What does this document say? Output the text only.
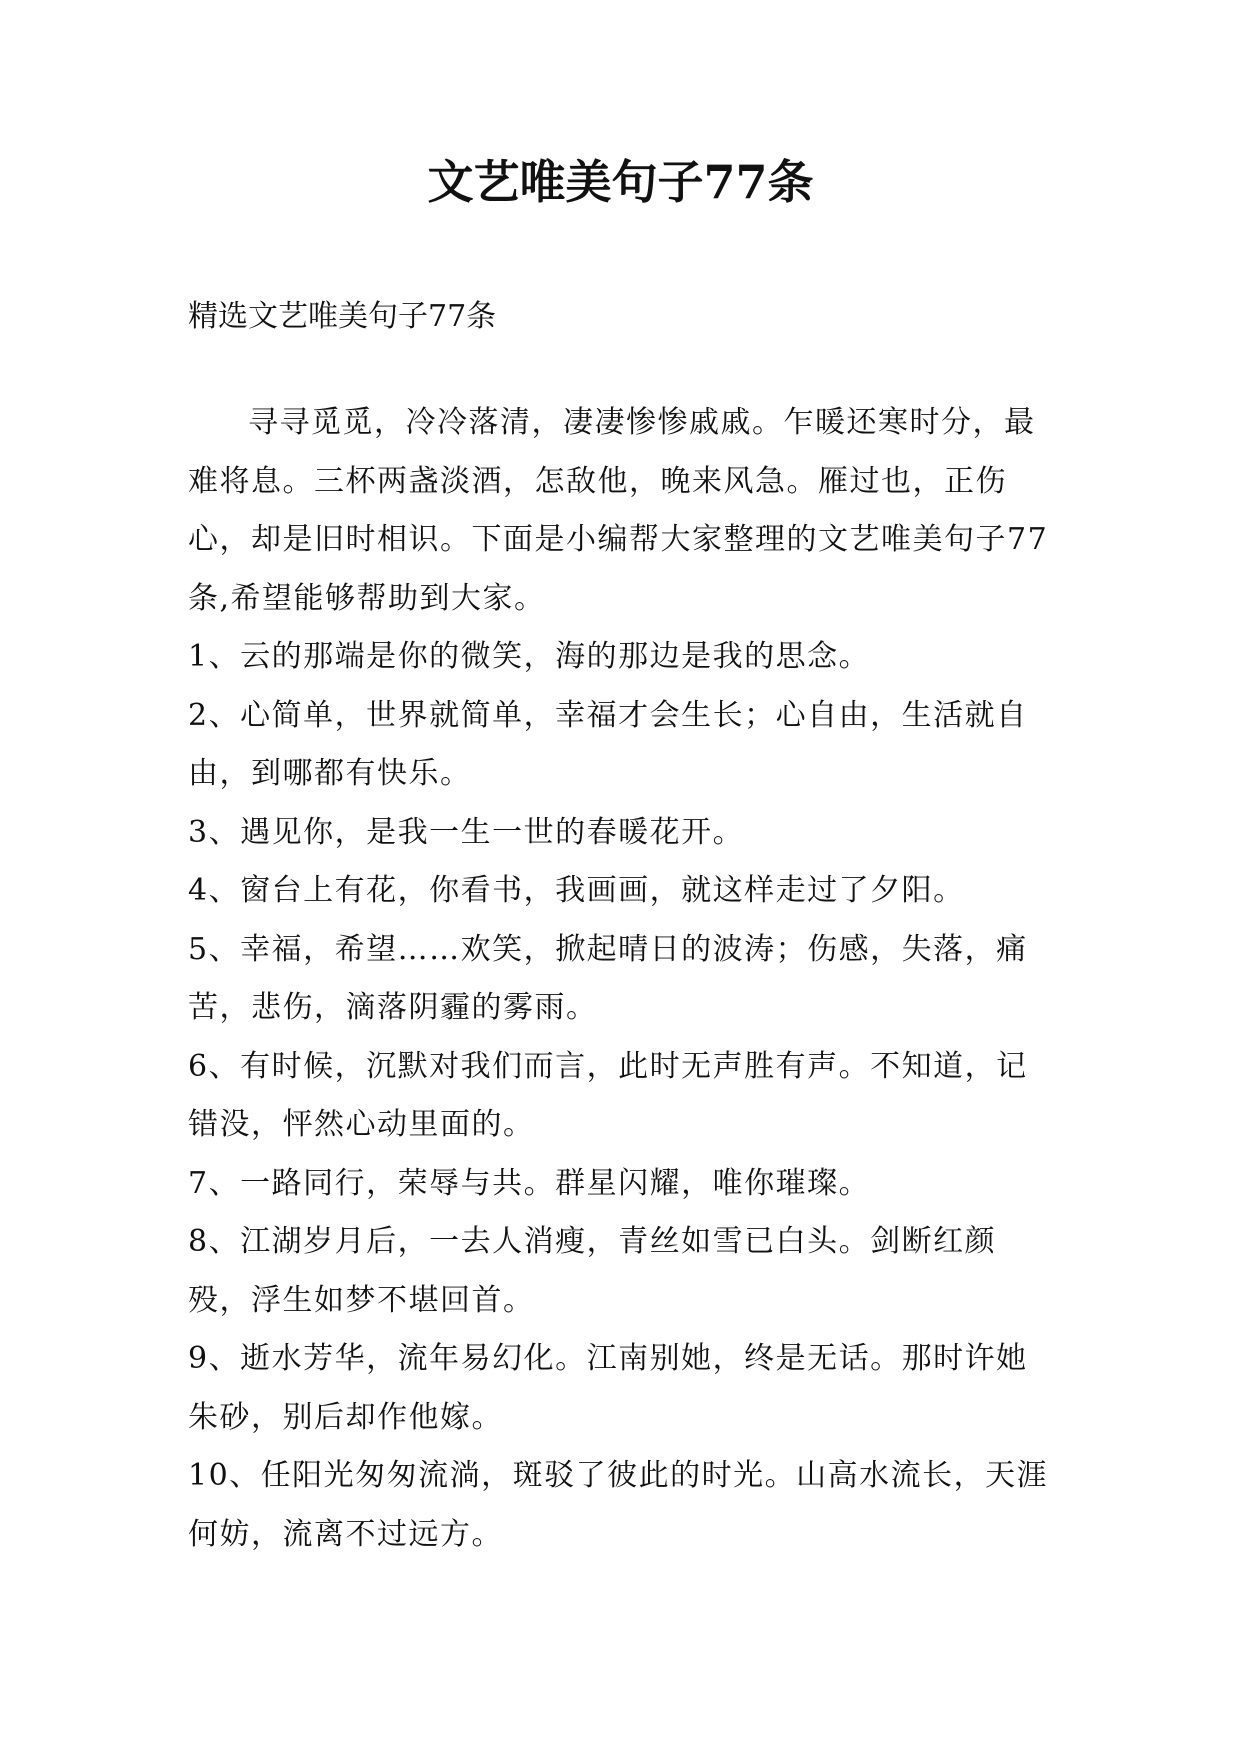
文艺唯美句子77条

精选文艺唯美句子77条

寻寻觅觅，冷冷落清，凄凄惨惨戚戚。乍暖还寒时分，最难将息。三杯两盏淡酒，怎敌他，晚来风急。雁过也，正伤心，却是旧时相识。下面是小编帮大家整理的文艺唯美句子77条,希望能够帮助到大家。

1、云的那端是你的微笑，海的那边是我的思念。
2、心简单，世界就简单，幸福才会生长；心自由，生活就自由，到哪都有快乐。
3、遇见你，是我一生一世的春暖花开。
4、窗台上有花，你看书，我画画，就这样走过了夕阳。
5、幸福，希望……欢笑，掀起晴日的波涛；伤感，失落，痛苦，悲伤，滴落阴霾的雾雨。
6、有时候，沉默对我们而言，此时无声胜有声。不知道，记错没，怦然心动里面的。
7、一路同行，荣辱与共。群星闪耀，唯你璀璨。
8、江湖岁月后，一去人消瘦，青丝如雪已白头。剑断红颜殁，浮生如梦不堪回首。
9、逝水芳华，流年易幻化。江南别她，终是无话。那时许她朱砂，别后却作他嫁。
10、任阳光匆匆流淌，斑驳了彼此的时光。山高水流长，天涯何妨，流离不过远方。
